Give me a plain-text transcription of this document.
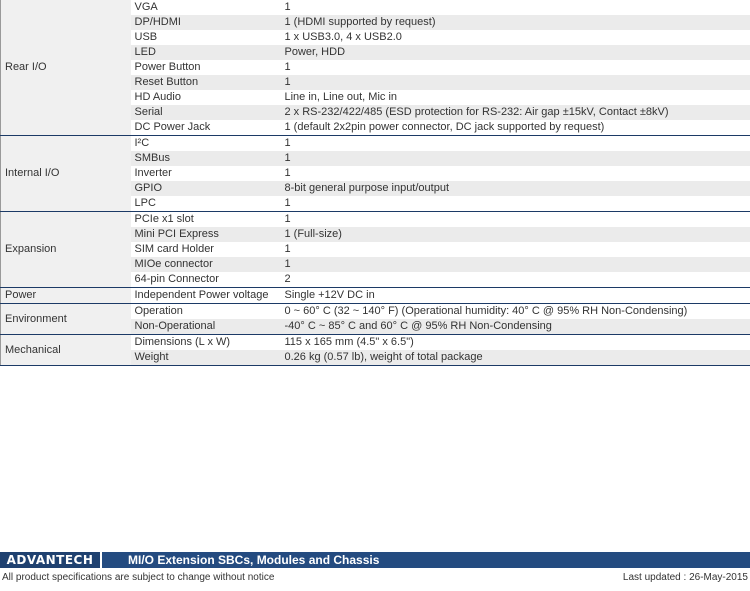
Rear I/O	VGA	1
	DP/HDMI	1 (HDMI supported by request)
	USB	1 x USB3.0, 4 x USB2.0
	LED	Power, HDD
	Power Button	1
	Reset Button	1
	HD Audio	Line in, Line out, Mic in
	Serial	2 x RS-232/422/485 (ESD protection for RS-232: Air gap ±15kV, Contact ±8kV)
	DC Power Jack	1 (default 2x2pin power connector, DC jack supported by request)
Internal I/O	I²C	1
	SMBus	1
	Inverter	1
	GPIO	8-bit general purpose input/output
	LPC	1
Expansion	PCIe x1 slot	1
	Mini PCI Express	1 (Full-size)
	SIM card Holder	1
	MIOe connector	1
	64-pin Connector	2
Power	Independent Power voltage	Single +12V DC in
Environment	Operation	0 ~ 60° C (32 ~ 140° F) (Operational humidity: 40° C @ 95% RH Non-Condensing)
	Non-Operational	-40° C ~ 85° C and 60° C @ 95% RH Non-Condensing
Mechanical	Dimensions (L x W)	115 x 165 mm (4.5" x 6.5")
	Weight	0.26 kg (0.57 lb), weight of total package
ADVANTECH	MI/O Extension SBCs, Modules and Chassis
All product specifications are subject to change without notice	Last updated : 26-May-2015
